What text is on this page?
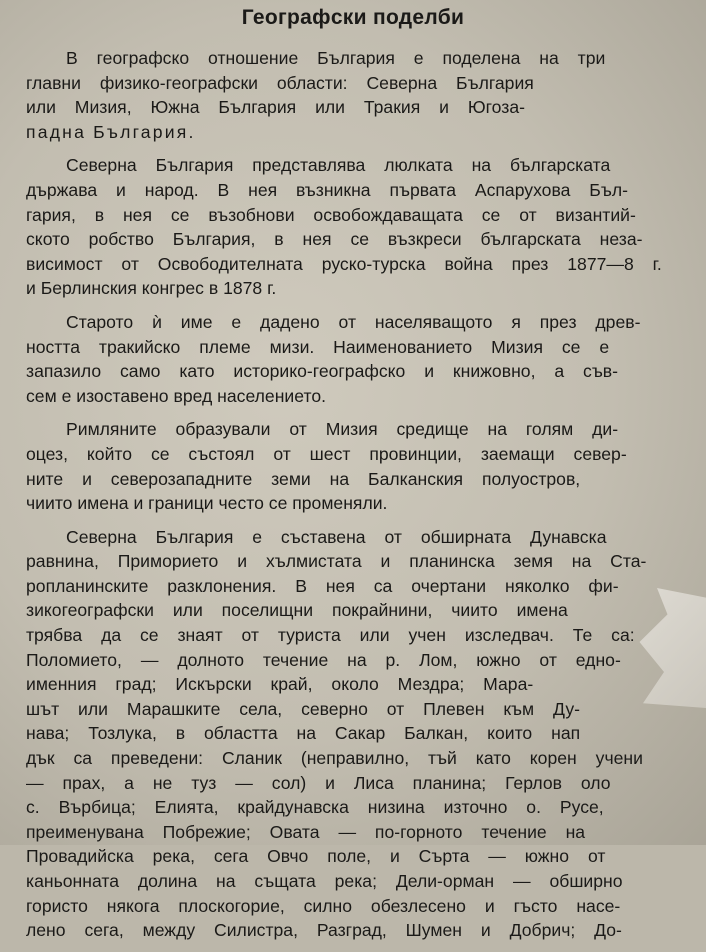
Географски поделби

В географско отношение България е поделена на три
главни физико-географски области: Северна България
или Мизия, Южна България или Тракия и Югоза-
падна България.

Северна България представлява люлката на българската
държава и народ. В нея възникна първата Аспарухова Бъл-
гария, в нея се възобнови освобождаващата се от византий-
ското робство България, в нея се възкреси българската неза-
висимост от Освободителната руско-турска война през 1877—8 г.
и Берлинския конгрес в 1878 г.

Старото ѝ име е дадено от населяващото я през древ-
ността тракийско племе мизи. Наименованието Мизия се е
запазило само като историко-географско и книжовно, а съв-
сем е изоставено вред населението.

Римляните образували от Мизия средище на голям ди-
оцез, който се състоял от шест провинции, заемащи север-
ните и северозападните земи на Балканския полуостров,
чиито имена и граници често се променяли.

Северна България е съставена от обширната Дунавска
равнина, Приморието и хълмистата и планинска земя на Ста-
ропланинските разклонения. В нея са очертани няколко фи-
зикогеографски или поселищни покрайнини, чиито имена
трябва да се знаят от туриста или учен изследвач. Те са:
Поломието, — долното течение на р. Лом, южно от едно-
именния град; Искърски край, около Мездра; Мара-
шът или Марашките села, северно от Плевен към Ду-
нава; Тозлука, в областта на Сакар Балкан, които нап
дък са преведени: Сланик (неправилно, тъй като корен учени
— прах, а не туз — сол) и Лиса планина; Герлов оло
с. Върбица; Елията, крайдунавска низина източно о. Русе,
преименувана Побрежие; Овата — по-горното течение на
Провадийска река, сега Овчо поле, и Сърта — южно от
каньонната долина на същата река; Дели-орман — обширно
гористо някога плоскогорие, силно обезлесено и гъсто насе-
лено сега, между Силистра, Разград, Шумен и Добрич; До-
